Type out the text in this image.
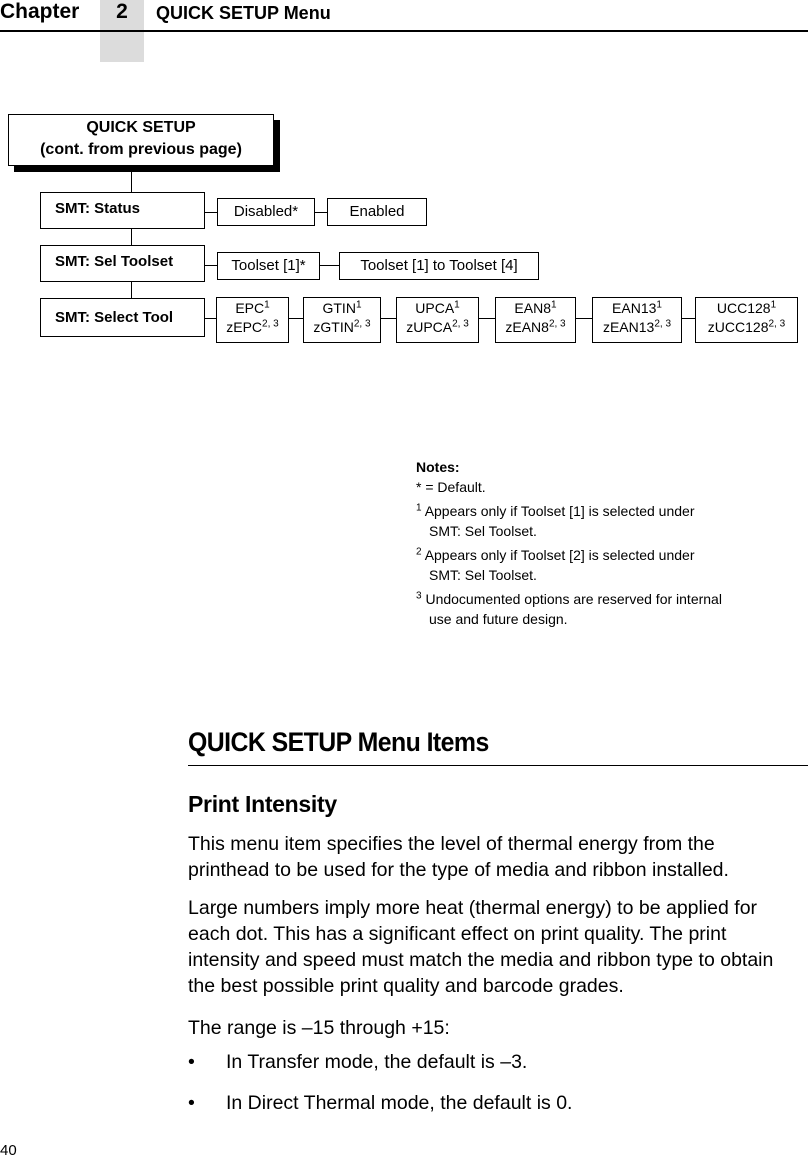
Chapter	2	QUICK SETUP Menu
QUICK SETUP
(cont. from previous page)
SMT: Status	Disabled*	Enabled
SMT: Sel Toolset	Toolset [1]*	Toolset [1] to Toolset [4]
SMT: Select Tool
EPC$^1$
zEPC$^{2, 3}$
GTIN$^1$
zGTIN$^{2, 3}$
UPCA$^1$
zUPCA$^{2, 3}$
$EAN8^1$
zEAN8$^{2, 3}$
$EAN13^1$
zEAN13$^{2, 3}$
$UCC128^1$
zUCC128$^{2, 3}$
Notes:
* = Default.
$^1$ Appears only if Toolset [1] is selected under
SMT: Sel Toolset.
$^2$ Appears only if Toolset [2] is selected under
SMT: Sel Toolset.
$^3$ Undocumented options are reserved for internal
use and future design.
QUICK SETUP Menu Items
Print Intensity

This menu item specifies the level of thermal energy from the printhead to be used for the type of media and ribbon installed.

Large numbers imply more heat (thermal energy) to be applied for each dot. This has a significant effect on print quality. The print intensity and speed must match the media and ribbon type to obtain the best possible print quality and barcode grades.

The range is –15 through +15:

• In Transfer mode, the default is –3.
• In Direct Thermal mode, the default is 0.
40
